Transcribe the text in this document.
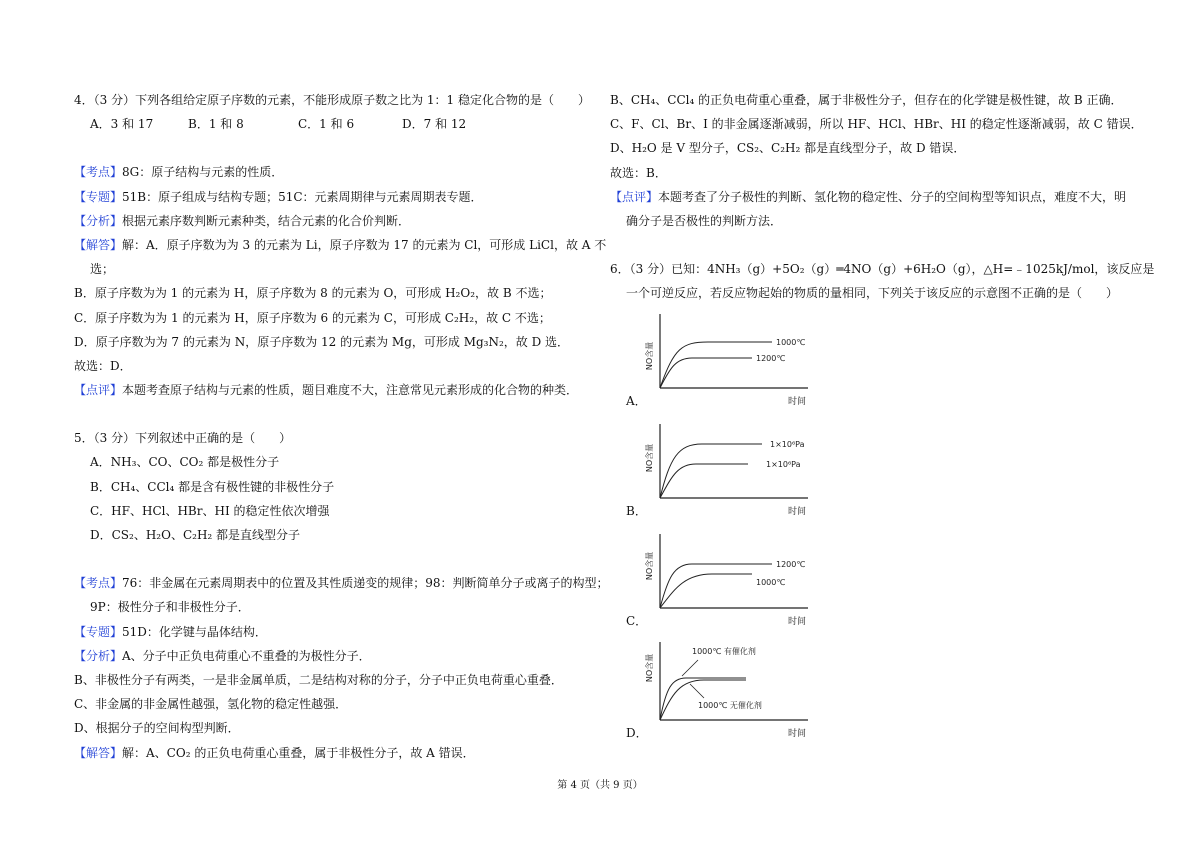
4．（3 分）下列各组给定原子序数的元素，不能形成原子数之比为 1：1 稳定化合物的是（　　）
A．3 和 17	B．1 和 8	C．1 和 6	D．7 和 12
【考点】8G：原子结构与元素的性质．
【专题】51B：原子组成与结构专题；51C：元素周期律与元素周期表专题．
【分析】根据元素序数判断元素种类，结合元素的化合价判断．
【解答】解：A．原子序数为为 3 的元素为 Li，原子序数为 17 的元素为 Cl，可形成 LiCl，故 A 不
选；
B．原子序数为为 1 的元素为 H，原子序数为 8 的元素为 O，可形成 H₂O₂，故 B 不选；
C．原子序数为为 1 的元素为 H，原子序数为 6 的元素为 C，可形成 C₂H₂，故 C 不选；
D．原子序数为为 7 的元素为 N，原子序数为 12 的元素为 Mg，可形成 Mg₃N₂，故 D 选．
故选：D．
【点评】本题考查原子结构与元素的性质，题目难度不大，注意常见元素形成的化合物的种类．
5．（3 分）下列叙述中正确的是（　　）
A．NH₃、CO、CO₂ 都是极性分子
B．CH₄、CCl₄ 都是含有极性键的非极性分子
C．HF、HCl、HBr、HI 的稳定性依次增强
D．CS₂、H₂O、C₂H₂ 都是直线型分子
【考点】76：非金属在元素周期表中的位置及其性质递变的规律；98：判断简单分子或离子的构型；
9P：极性分子和非极性分子．
【专题】51D：化学键与晶体结构．
【分析】A、分子中正负电荷重心不重叠的为极性分子．
B、非极性分子有两类，一是非金属单质，二是结构对称的分子，分子中正负电荷重心重叠．
C、非金属的非金属性越强，氢化物的稳定性越强．
D、根据分子的空间构型判断．
【解答】解：A、CO₂ 的正负电荷重心重叠，属于非极性分子，故 A 错误．
B、CH₄、CCl₄ 的正负电荷重心重叠，属于非极性分子，但存在的化学键是极性键，故 B 正确．
C、F、Cl、Br、I 的非金属逐渐减弱，所以 HF、HCl、HBr、HI 的稳定性逐渐减弱，故 C 错误．
D、H₂O 是 V 型分子，CS₂、C₂H₂ 都是直线型分子，故 D 错误．
故选：B．
【点评】本题考查了分子极性的判断、氢化物的稳定性、分子的空间构型等知识点，难度不大，明
确分子是否极性的判断方法．
6．（3 分）已知：4NH₃（g）+5O₂（g）═4NO（g）+6H₂O（g），△H=﹣1025kJ/mol，该反应是
一个可逆反应，若反应物起始的物质的量相同，下列关于该反应的示意图不正确的是（　　）
NO含量	1000℃
1200℃
时间
A．
NO含量	1×10⁶Pa
1×10⁶Pa
时间
B．
NO含量	1200℃
1000℃
时间
C．
NO含量
1000℃ 有催化剂
1000℃ 无催化剂
时间
D．
第 4 页（共 9 页）
